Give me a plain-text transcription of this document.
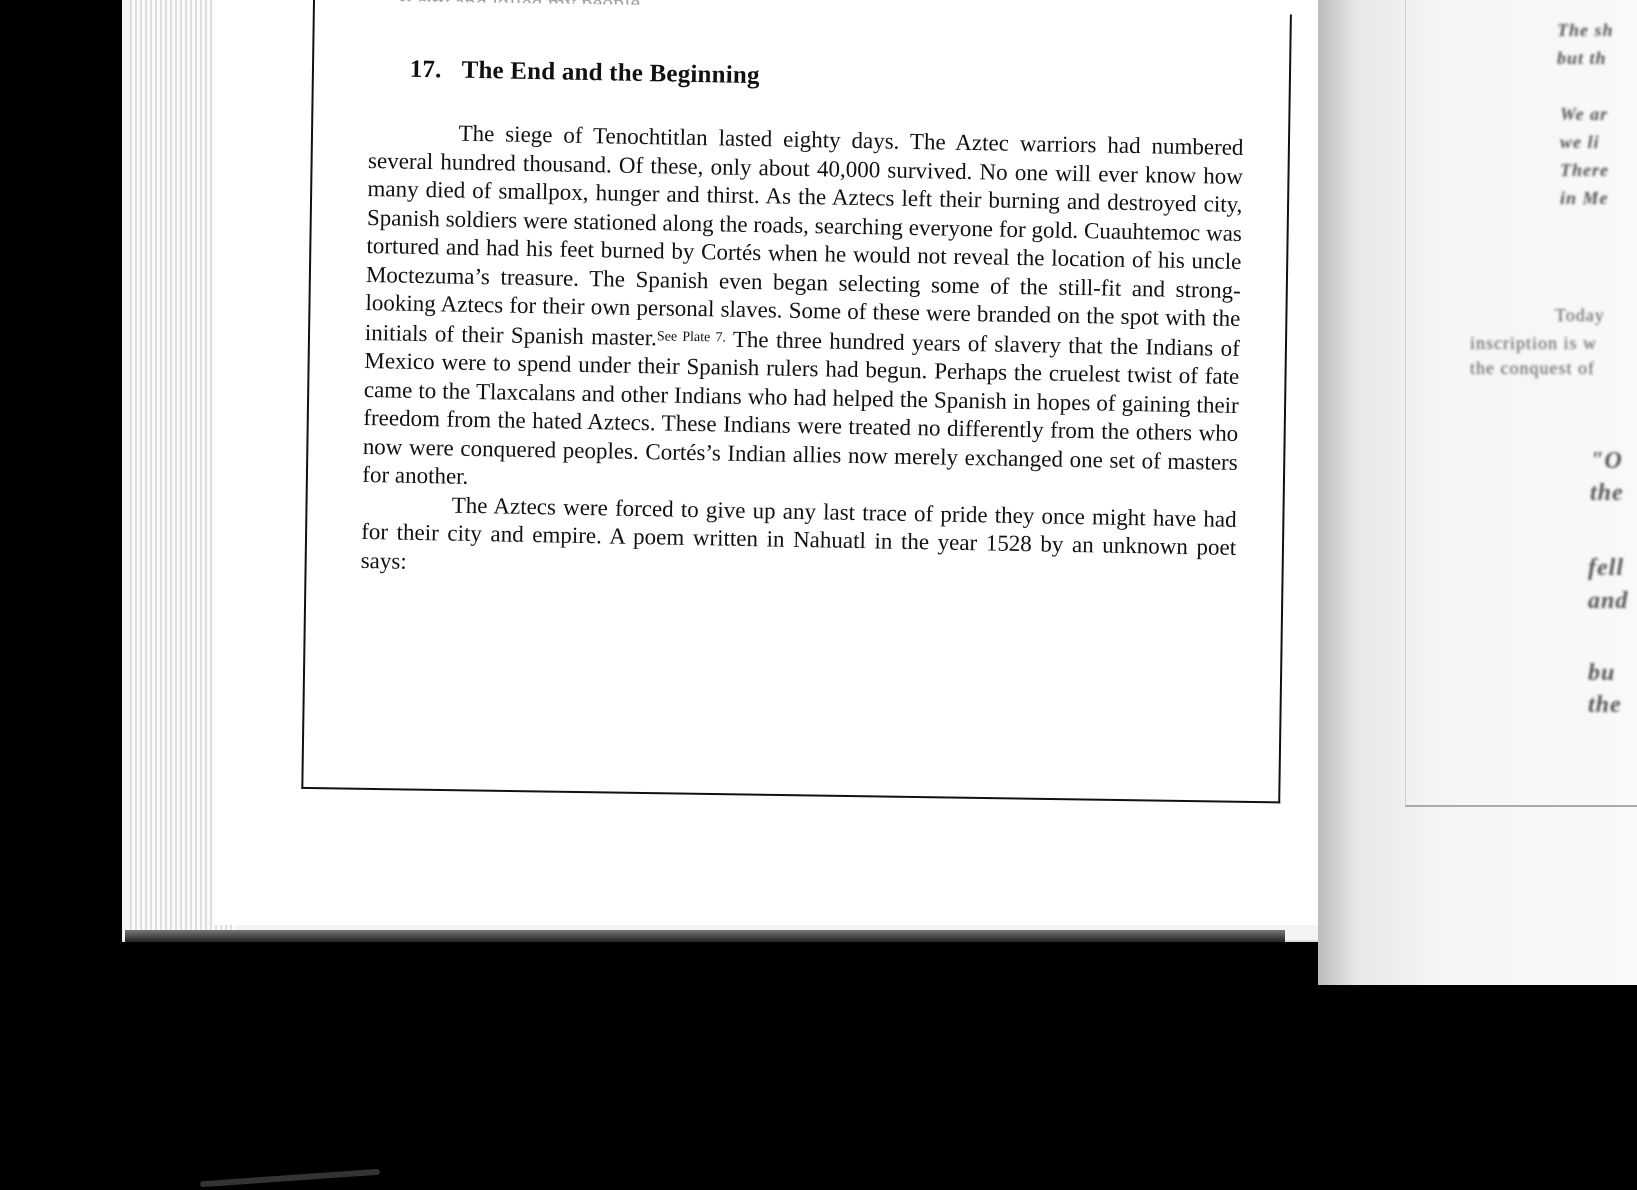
17. The End and the Beginning

The siege of Tenochtitlan lasted eighty days. The Aztec warriors had numbered several hundred thousand. Of these, only about 40,000 survived. No one will ever know how many died of smallpox, hunger and thirst. As the Aztecs left their burning and destroyed city, Spanish soldiers were stationed along the roads, searching everyone for gold. Cuauhtemoc was tortured and had his feet burned by Cortés when he would not reveal the location of his uncle Moctezuma’s treasure. The Spanish even began selecting some of the still-fit and strong-looking Aztecs for their own personal slaves. Some of these were branded on the spot with the initials of their Spanish master.$^{See Plate 7.}$ The three hundred years of slavery that the Indians of Mexico were to spend under their Spanish rulers had begun. Perhaps the cruelest twist of fate came to the Tlaxcalans and other Indians who had helped the Spanish in hopes of gaining their freedom from the hated Aztecs. These Indians were treated no differently from the others who now were conquered peoples. Cortés’s Indian allies now merely exchanged one set of masters for another.

The Aztecs were forced to give up any last trace of pride they once might have had for their city and empire. A poem written in Nahuatl in the year 1528 by an unknown poet says:

The sh
but th
We ar
we li
There
in Me
Today
inscription is w
the conquest of
"O
the
fell
and
bu
the
